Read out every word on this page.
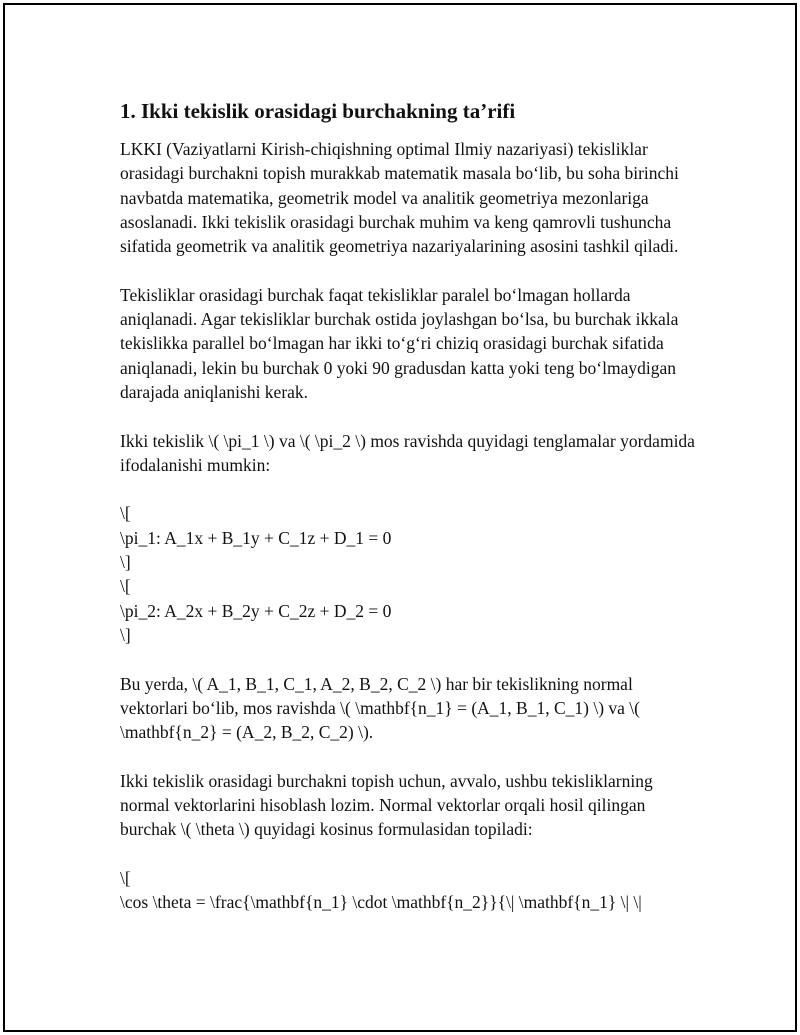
1. Ikki tekislik orasidagi burchakning ta’rifi

LKKI (Vaziyatlarni Kirish-chiqishning optimal Ilmiy nazariyasi) tekisliklar orasidagi burchakni topish murakkab matematik masala bo‘lib, bu soha birinchi navbatda matematika, geometrik model va analitik geometriya mezonlariga asoslanadi. Ikki tekislik orasidagi burchak muhim va keng qamrovli tushuncha sifatida geometrik va analitik geometriya nazariyalarining asosini tashkil qiladi.

Tekisliklar orasidagi burchak faqat tekisliklar paralel bo‘lmagan hollarda aniqlanadi. Agar tekisliklar burchak ostida joylashgan bo‘lsa, bu burchak ikkala tekislikka parallel bo‘lmagan har ikki to‘g‘ri chiziq orasidagi burchak sifatida aniqlanadi, lekin bu burchak 0 yoki 90 gradusdan katta yoki teng bo‘lmaydigan darajada aniqlanishi kerak.

Ikki tekislik \( \pi_1 \) va \( \pi_2 \) mos ravishda quyidagi tenglamalar yordamida ifodalanishi mumkin:

\[
\pi_1: A_1x + B_1y + C_1z + D_1 = 0
\]
\[
\pi_2: A_2x + B_2y + C_2z + D_2 = 0
\]

Bu yerda, \( A_1, B_1, C_1, A_2, B_2, C_2 \) har bir tekislikning normal vektorlari bo‘lib, mos ravishda \( \mathbf{n_1} = (A_1, B_1, C_1) \) va \( \mathbf{n_2} = (A_2, B_2, C_2) \).

Ikki tekislik orasidagi burchakni topish uchun, avvalo, ushbu tekisliklarning normal vektorlarini hisoblash lozim. Normal vektorlar orqali hosil qilingan burchak \( \theta \) quyidagi kosinus formulasidan topiladi:

\[
\cos \theta = \frac{\mathbf{n_1} \cdot \mathbf{n_2}}{\| \mathbf{n_1} \| \|
